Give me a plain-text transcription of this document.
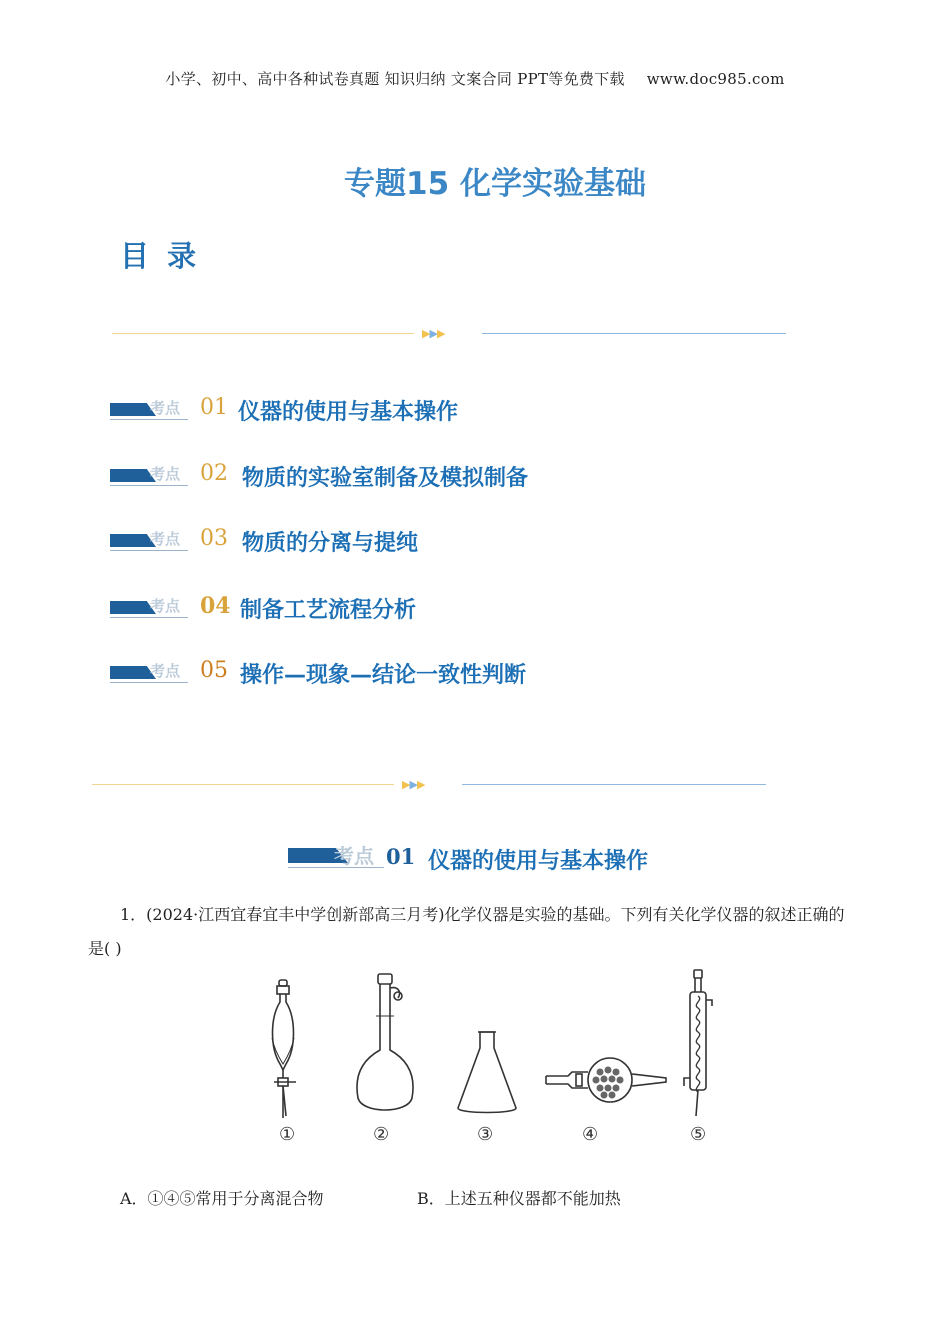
小学、初中、高中各种试卷真题 知识归纳 文案合同 PPT等免费下载 www.doc985.com
专题15 化学实验基础
目 录
▶▶▶
考点 01 仪器的使用与基本操作
考点 02 物质的实验室制备及模拟制备
考点 03 物质的分离与提纯
考点 04 制备工艺流程分析
考点 05 操作—现象—结论一致性判断
▶▶▶
考点 01 仪器的使用与基本操作
1．(2024·江西宜春宜丰中学创新部高三月考)化学仪器是实验的基础。下列有关化学仪器的叙述正确的是( )
①	②	③	④	⑤
A．①④⑤常用于分离混合物	B．上述五种仪器都不能加热
